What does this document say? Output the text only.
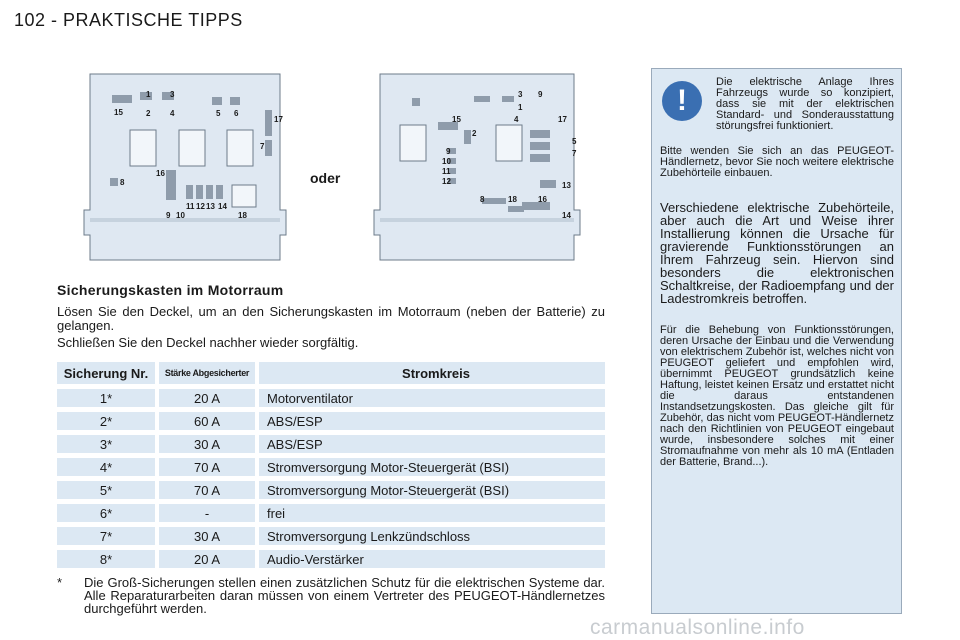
102 - PRAKTISCHE TIPPS
1 3
2 4
15	5 6
17
7
8
16
9 10
11 12 13 14
18
oder
3 9
1
4
15
2
9
10
11
12
17
5
7
13
8	18	16
14
Sicherungskasten im Motorraum
Lösen Sie den Deckel, um an den Sicherungskasten im Motorraum (neben der Batterie) zu gelangen.
Schließen Sie den Deckel nachher wieder sorgfältig.
Sicherung Nr.	Stärke Abgesicherter	Stromkreis
1*	20 A	Motorventilator
2*	60 A	ABS/ESP
3*	30 A	ABS/ESP
4*	70 A	Stromversorgung Motor-Steuergerät (BSI)
5*	70 A	Stromversorgung Motor-Steuergerät (BSI)
6*	-	frei
7*	30 A	Stromversorgung Lenkzündschloss
8*	20 A	Audio-Verstärker
* Die Groß-Sicherungen stellen einen zusätzlichen Schutz für die elektrischen Systeme dar. Alle Reparaturarbeiten daran müssen von einem Vertreter des PEUGEOT-Händlernetzes durchgeführt werden.
!
Die elektrische Anlage Ihres Fahrzeugs wurde so konzipiert, dass sie mit der elektrischen Standard- und Sonderausstattung störungsfrei funktioniert.
Bitte wenden Sie sich an das PEUGEOT-Händlernetz, bevor Sie noch weitere elektrische Zubehörteile einbauen.
Verschiedene elektrische Zubehörteile, aber auch die Art und Weise ihrer Installierung können die Ursache für gravierende Funktionsstörungen an Ihrem Fahrzeug sein. Hiervon sind besonders die elektronischen Schaltkreise, der Radioempfang und der Ladestromkreis betroffen.
Für die Behebung von Funktionsstörungen, deren Ursache der Einbau und die Verwendung von elektrischem Zubehör ist, welches nicht von PEUGEOT geliefert und empfohlen wird, übernimmt PEUGEOT grundsätzlich keine Haftung, leistet keinen Ersatz und erstattet nicht die daraus entstandenen Instandsetzungskosten. Das gleiche gilt für Zubehör, das nicht vom PEUGEOT-Händlernetz nach den Richtlinien von PEUGEOT eingebaut wurde, insbesondere solches mit einer Stromaufnahme von mehr als 10 mA (Entladen der Batterie, Brand...).
carmanualsonline.info
